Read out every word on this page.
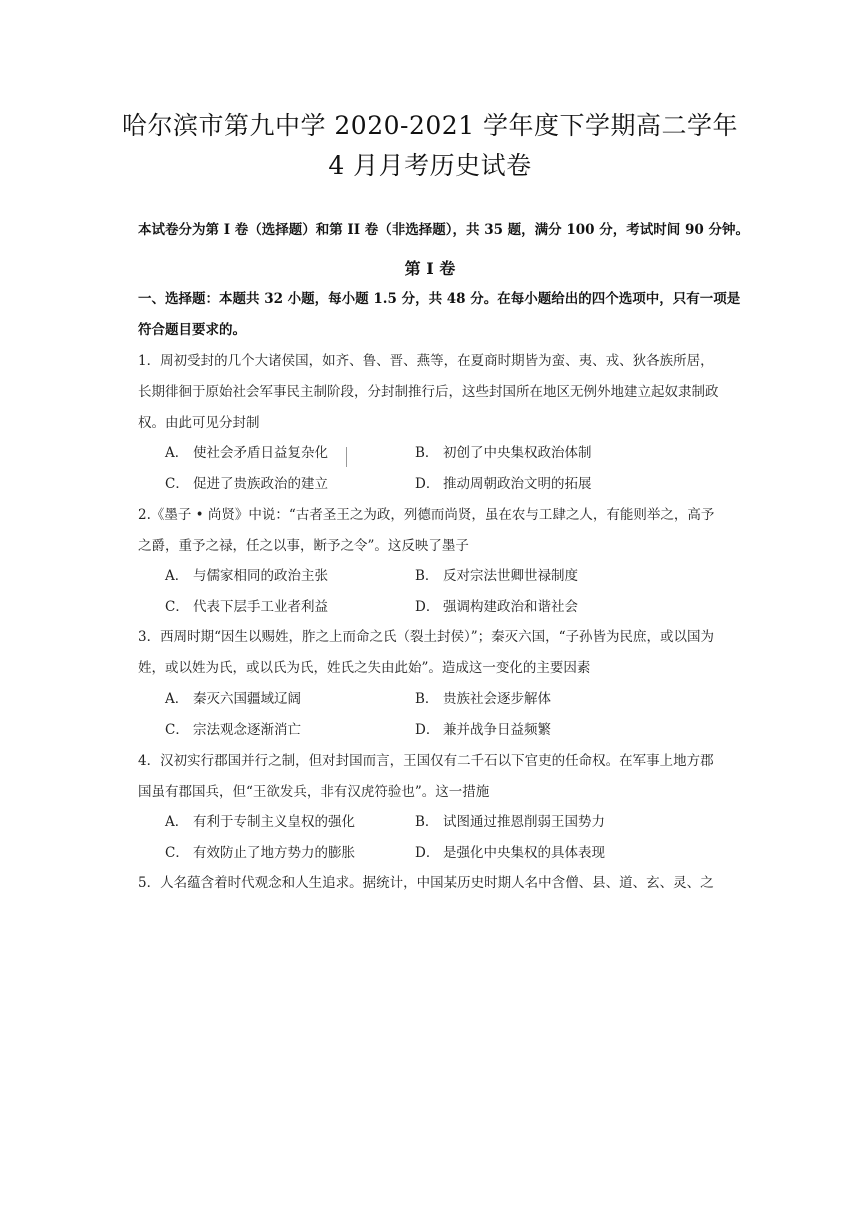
哈尔滨市第九中学 2020-2021 学年度下学期高二学年
4 月月考历史试卷
本试卷分为第 I 卷（选择题）和第 II 卷（非选择题），共 35 题，满分 100 分，考试时间 90 分钟。
第 I 卷
一、选择题：本题共 32 小题，每小题 1.5 分，共 48 分。在每小题给出的四个选项中，只有一项是
符合题目要求的。
1．周初受封的几个大诸侯国，如齐、鲁、晋、燕等，在夏商时期皆为蛮、夷、戎、狄各族所居，
长期徘徊于原始社会军事民主制阶段，分封制推行后，这些封国所在地区无例外地建立起奴隶制政
权。由此可见分封制
A． 使社会矛盾日益复杂化	B． 初创了中央集权政治体制
C． 促进了贵族政治的建立	D． 推动周朝政治文明的拓展
2.《墨子 • 尚贤》中说：“古者圣王之为政，列德而尚贤，虽在农与工肆之人，有能则举之，高予
之爵，重予之禄，任之以事，断予之令”。这反映了墨子
A． 与儒家相同的政治主张	B． 反对宗法世卿世禄制度
C． 代表下层手工业者利益	D． 强调构建政治和谐社会
3．西周时期“因生以赐姓，胙之上而命之氏（裂土封侯）”；秦灭六国，“子孙皆为民庶，或以国为
姓，或以姓为氏，或以氏为氏，姓氏之失由此始”。造成这一变化的主要因素
A． 秦灭六国疆域辽阔	B． 贵族社会逐步解体
C． 宗法观念逐渐消亡	D． 兼并战争日益频繁
4．汉初实行郡国并行之制，但对封国而言，王国仅有二千石以下官吏的任命权。在军事上地方郡
国虽有郡国兵，但“王欲发兵，非有汉虎符验也”。这一措施
A． 有利于专制主义皇权的强化	B． 试图通过推恩削弱王国势力
C． 有效防止了地方势力的膨胀	D． 是强化中央集权的具体表现
5．人名蕴含着时代观念和人生追求。据统计，中国某历史时期人名中含僧、县、道、玄、灵、之
